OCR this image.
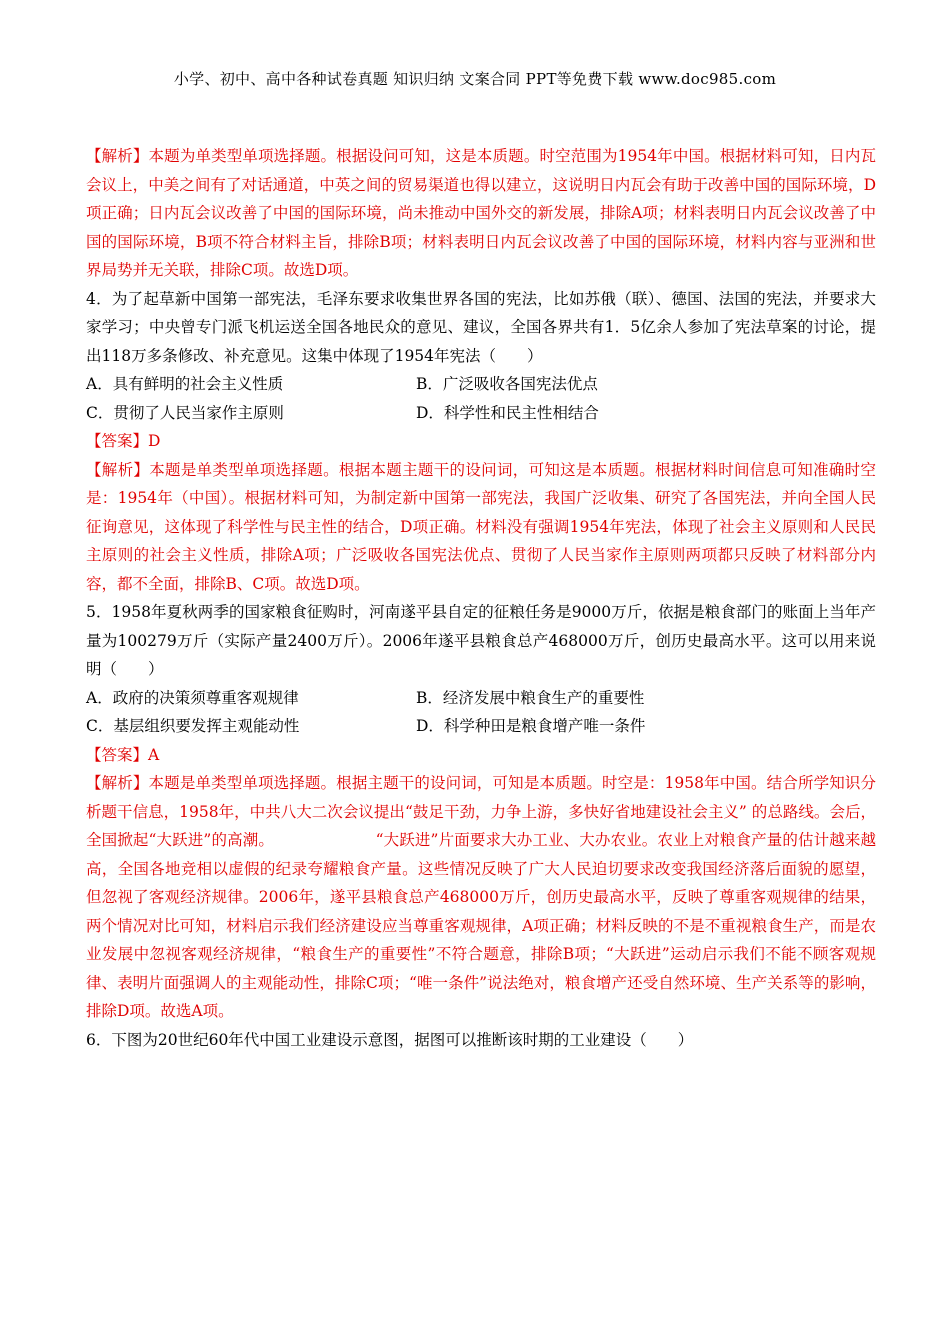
小学、初中、高中各种试卷真题 知识归纳 文案合同 PPT等免费下载 www.doc985.com

【解析】本题为单类型单项选择题。根据设问可知，这是本质题。时空范围为1954年中国。根据材料可知，日内瓦会议上，中美之间有了对话通道，中英之间的贸易渠道也得以建立，这说明日内瓦会有助于改善中国的国际环境，D项正确；日内瓦会议改善了中国的国际环境，尚未推动中国外交的新发展，排除A项；材料表明日内瓦会议改善了中国的国际环境，B项不符合材料主旨，排除B项；材料表明日内瓦会议改善了中国的国际环境，材料内容与亚洲和世界局势并无关联，排除C项。故选D项。

4．为了起草新中国第一部宪法，毛泽东要求收集世界各国的宪法，比如苏俄（联）、德国、法国的宪法，并要求大家学习；中央曾专门派飞机运送全国各地民众的意见、建议，全国各界共有1．5亿余人参加了宪法草案的讨论，提出118万多条修改、补充意见。这集中体现了1954年宪法（　　）

A．具有鲜明的社会主义性质	B．广泛吸收各国宪法优点
C．贯彻了人民当家作主原则	D．科学性和民主性相结合

【答案】D

【解析】本题是单类型单项选择题。根据本题主题干的设问词，可知这是本质题。根据材料时间信息可知准确时空是：1954年（中国）。根据材料可知，为制定新中国第一部宪法，我国广泛收集、研究了各国宪法，并向全国人民征询意见，这体现了科学性与民主性的结合，D项正确。材料没有强调1954年宪法，体现了社会主义原则和人民民主原则的社会主义性质，排除A项；广泛吸收各国宪法优点、贯彻了人民当家作主原则两项都只反映了材料部分内容，都不全面，排除B、C项。故选D项。

5．1958年夏秋两季的国家粮食征购时，河南遂平县自定的征粮任务是9000万斤，依据是粮食部门的账面上当年产量为100279万斤（实际产量2400万斤）。2006年遂平县粮食总产468000万斤，创历史最高水平。这可以用来说明（　　）

A．政府的决策须尊重客观规律	B．经济发展中粮食生产的重要性
C．基层组织要发挥主观能动性	D．科学种田是粮食增产唯一条件

【答案】A

【解析】本题是单类型单项选择题。根据主题干的设问词，可知是本质题。时空是：1958年中国。结合所学知识分析题干信息，1958年，中共八大二次会议提出“鼓足干劲，力争上游，多快好省地建设社会主义” 的总路线。会后，全国掀起“大跃进”的高潮。　　　　　　　“大跃进”片面要求大办工业、大办农业。农业上对粮食产量的估计越来越高，全国各地竞相以虚假的纪录夸耀粮食产量。这些情况反映了广大人民迫切要求改变我国经济落后面貌的愿望，但忽视了客观经济规律。2006年，遂平县粮食总产468000万斤，创历史最高水平，反映了尊重客观规律的结果，两个情况对比可知，材料启示我们经济建设应当尊重客观规律，A项正确；材料反映的不是不重视粮食生产，而是农业发展中忽视客观经济规律，“粮食生产的重要性”不符合题意，排除B项；“大跃进”运动启示我们不能不顾客观规律、表明片面强调人的主观能动性，排除C项；“唯一条件”说法绝对，粮食增产还受自然环境、生产关系等的影响，排除D项。故选A项。

6．下图为20世纪60年代中国工业建设示意图，据图可以推断该时期的工业建设（　　）
